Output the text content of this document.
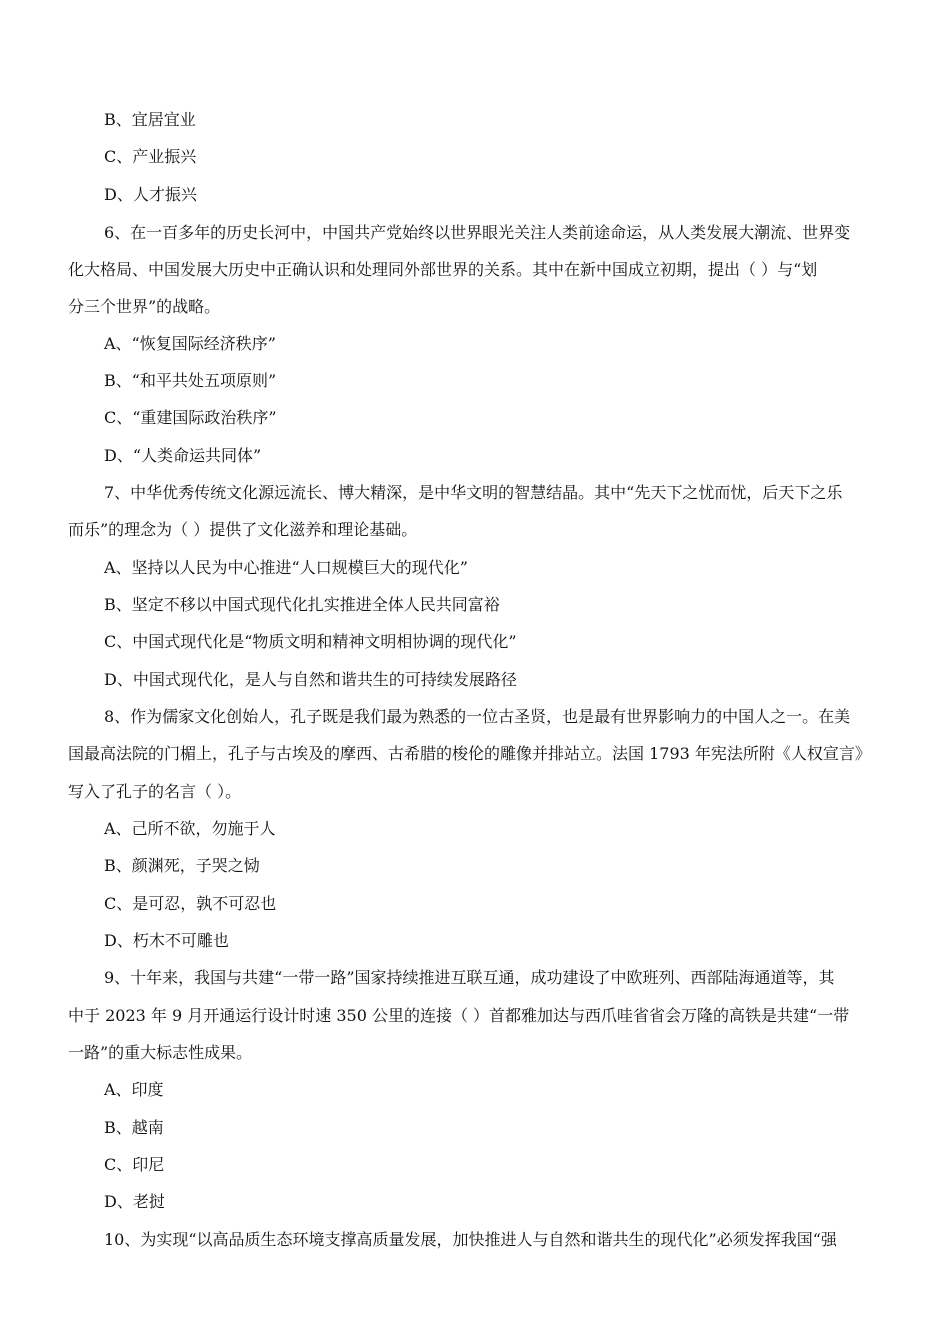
B、宜居宜业
C、产业振兴
D、人才振兴
6、在一百多年的历史长河中，中国共产党始终以世界眼光关注人类前途命运，从人类发展大潮流、世界变
化大格局、中国发展大历史中正确认识和处理同外部世界的关系。其中在新中国成立初期，提出（ ）与“划
分三个世界”的战略。
A、“恢复国际经济秩序”
B、“和平共处五项原则”
C、“重建国际政治秩序”
D、“人类命运共同体”
7、中华优秀传统文化源远流长、博大精深，是中华文明的智慧结晶。其中“先天下之忧而忧，后天下之乐
而乐”的理念为（ ）提供了文化滋养和理论基础。
A、坚持以人民为中心推进“人口规模巨大的现代化”
B、坚定不移以中国式现代化扎实推进全体人民共同富裕
C、中国式现代化是“物质文明和精神文明相协调的现代化”
D、中国式现代化，是人与自然和谐共生的可持续发展路径
8、作为儒家文化创始人，孔子既是我们最为熟悉的一位古圣贤，也是最有世界影响力的中国人之一。在美
国最高法院的门楣上，孔子与古埃及的摩西、古希腊的梭伦的雕像并排站立。法国 1793 年宪法所附《人权宣言》
写入了孔子的名言（ ）。
A、己所不欲，勿施于人
B、颜渊死，子哭之恸
C、是可忍，孰不可忍也
D、朽木不可雕也
9、十年来，我国与共建“一带一路”国家持续推进互联互通，成功建设了中欧班列、西部陆海通道等，其
中于 2023 年 9 月开通运行设计时速 350 公里的连接（ ）首都雅加达与西爪哇省省会万隆的高铁是共建“一带
一路”的重大标志性成果。
A、印度
B、越南
C、印尼
D、老挝
10、为实现“以高品质生态环境支撑高质量发展，加快推进人与自然和谐共生的现代化”必须发挥我国“强
